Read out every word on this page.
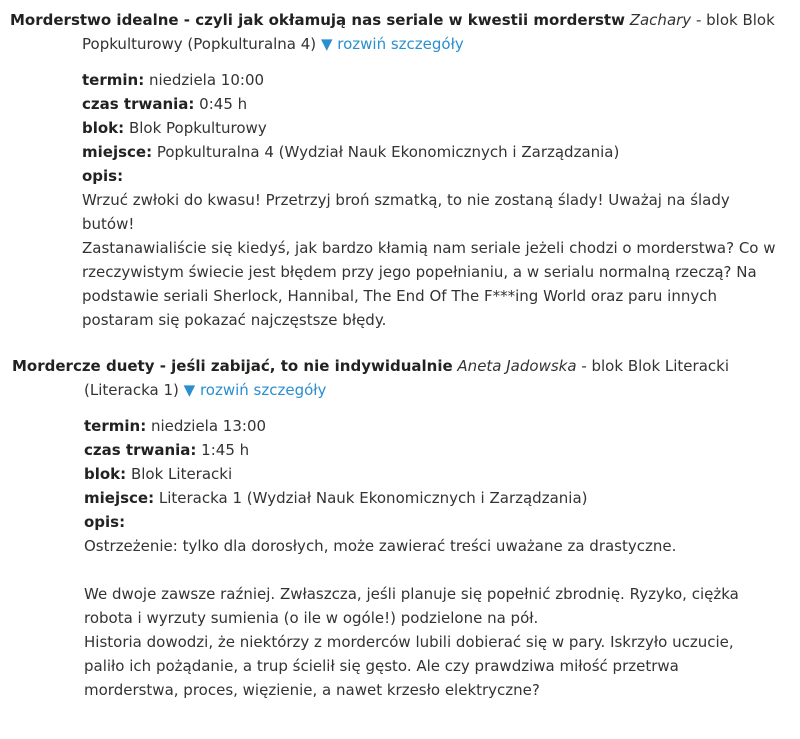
Morderstwo idealne - czyli jak okłamują nas seriale w kwestii morderstw Zachary - blok Blok
Popkulturowy (Popkulturalna 4) ▼ rozwiń szczegóły
termin: niedziela 10:00
czas trwania: 0:45 h
blok: Blok Popkulturowy
miejsce: Popkulturalna 4 (Wydział Nauk Ekonomicznych i Zarządzania)
opis:

Wrzuć zwłoki do kwasu! Przetrzyj broń szmatką, to nie zostaną ślady! Uważaj na ślady

butów!

Zastanawialiście się kiedyś, jak bardzo kłamią nam seriale jeżeli chodzi o morderstwa? Co w

rzeczywistym świecie jest błędem przy jego popełnianiu, a w serialu normalną rzeczą? Na

podstawie seriali Sherlock, Hannibal, The End Of The F***ing World oraz paru innych

postaram się pokazać najczęstsze błędy.

Mordercze duety - jeśli zabijać, to nie indywidualnie Aneta Jadowska - blok Blok Literacki
(Literacka 1) ▼ rozwiń szczegóły
termin: niedziela 13:00
czas trwania: 1:45 h
blok: Blok Literacki
miejsce: Literacka 1 (Wydział Nauk Ekonomicznych i Zarządzania)
opis:

Ostrzeżenie: tylko dla dorosłych, może zawierać treści uważane za drastyczne.

We dwoje zawsze raźniej. Zwłaszcza, jeśli planuje się popełnić zbrodnię. Ryzyko, ciężka

robota i wyrzuty sumienia (o ile w ogóle!) podzielone na pół.

Historia dowodzi, że niektórzy z morderców lubili dobierać się w pary. Iskrzyło uczucie,

paliło ich pożądanie, a trup ścielił się gęsto. Ale czy prawdziwa miłość przetrwa

morderstwa, proces, więzienie, a nawet krzesło elektryczne?
